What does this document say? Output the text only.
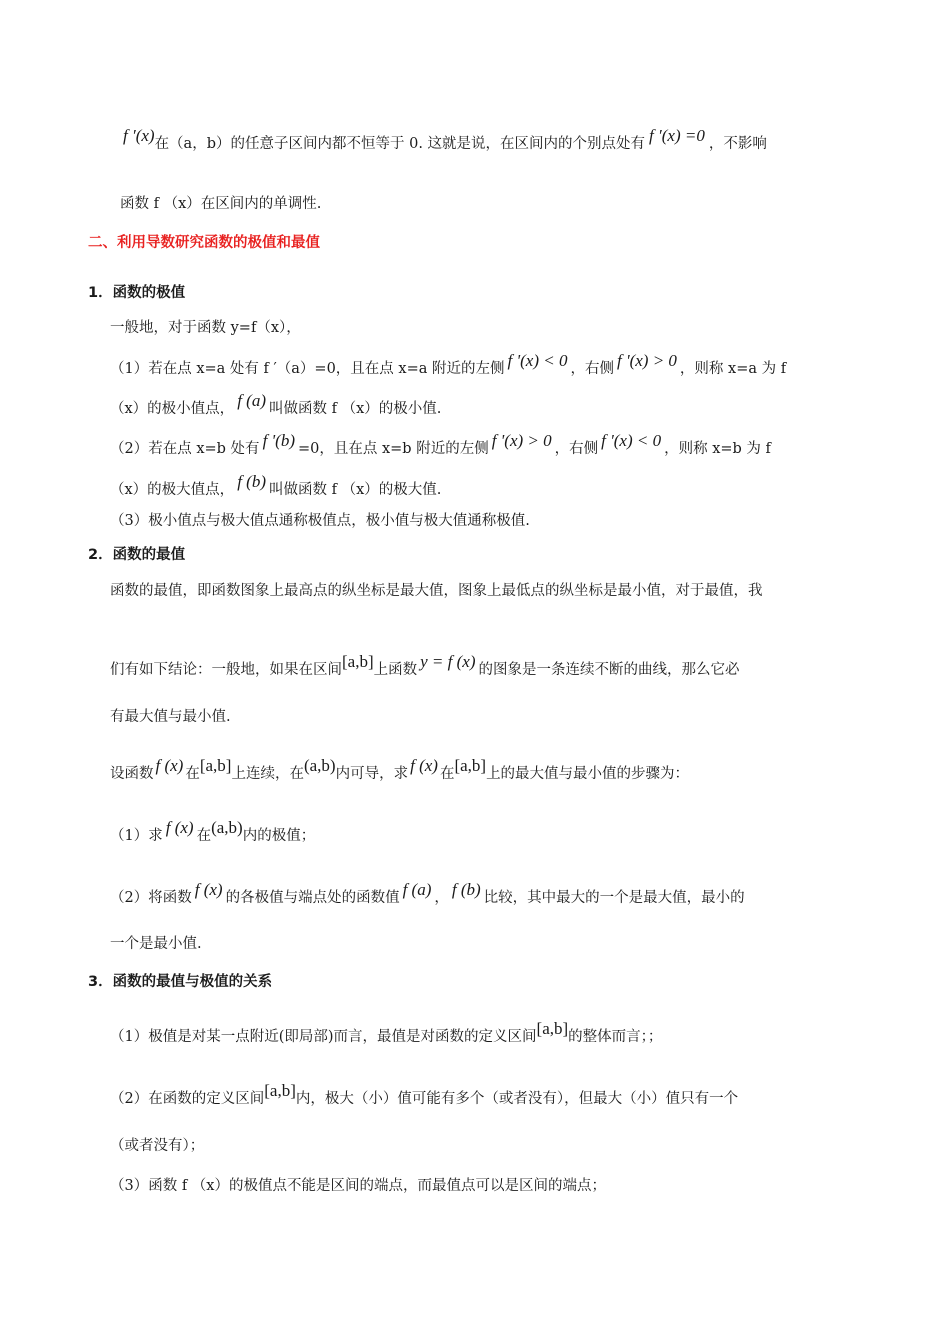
f ′(x)在（a，b）的任意子区间内都不恒等于 0. 这就是说，在区间内的个别点处有 f ′(x) =0 ，不影响
函数 f （x）在区间内的单调性.
二、利用导数研究函数的极值和最值
1．函数的极值
一般地，对于函数 y=f（x），
（1）若在点 x=a 处有 f ′（a）=0，且在点 x=a 附近的左侧 f '(x) < 0 ，右侧 f '(x) > 0 ，则称 x=a 为 f
（x）的极小值点， f (a) 叫做函数 f （x）的极小值.
（2）若在点 x=b 处有 f '(b) =0，且在点 x=b 附近的左侧 f '(x) > 0 ，右侧 f '(x) < 0 ，则称 x=b 为 f
（x）的极大值点， f (b) 叫做函数 f （x）的极大值.
（3）极小值点与极大值点通称极值点，极小值与极大值通称极值.
2．函数的最值
函数的最值，即函数图象上最高点的纵坐标是最大值，图象上最低点的纵坐标是最小值，对于最值，我
们有如下结论：一般地，如果在区间[a,b]上函数 y = f (x) 的图象是一条连续不断的曲线，那么它必
有最大值与最小值.
设函数 f (x) 在[a,b]上连续，在(a,b)内可导，求 f (x) 在[a,b]上的最大值与最小值的步骤为：
（1）求 f (x) 在(a,b)内的极值；
（2）将函数 f (x) 的各极值与端点处的函数值 f (a) ， f (b) 比较，其中最大的一个是最大值，最小的
一个是最小值.
3．函数的最值与极值的关系
（1）极值是对某一点附近(即局部)而言，最值是对函数的定义区间[a,b]的整体而言；；
（2）在函数的定义区间[a,b]内，极大（小）值可能有多个（或者没有），但最大（小）值只有一个
（或者没有）；
（3）函数 f （x）的极值点不能是区间的端点，而最值点可以是区间的端点；
